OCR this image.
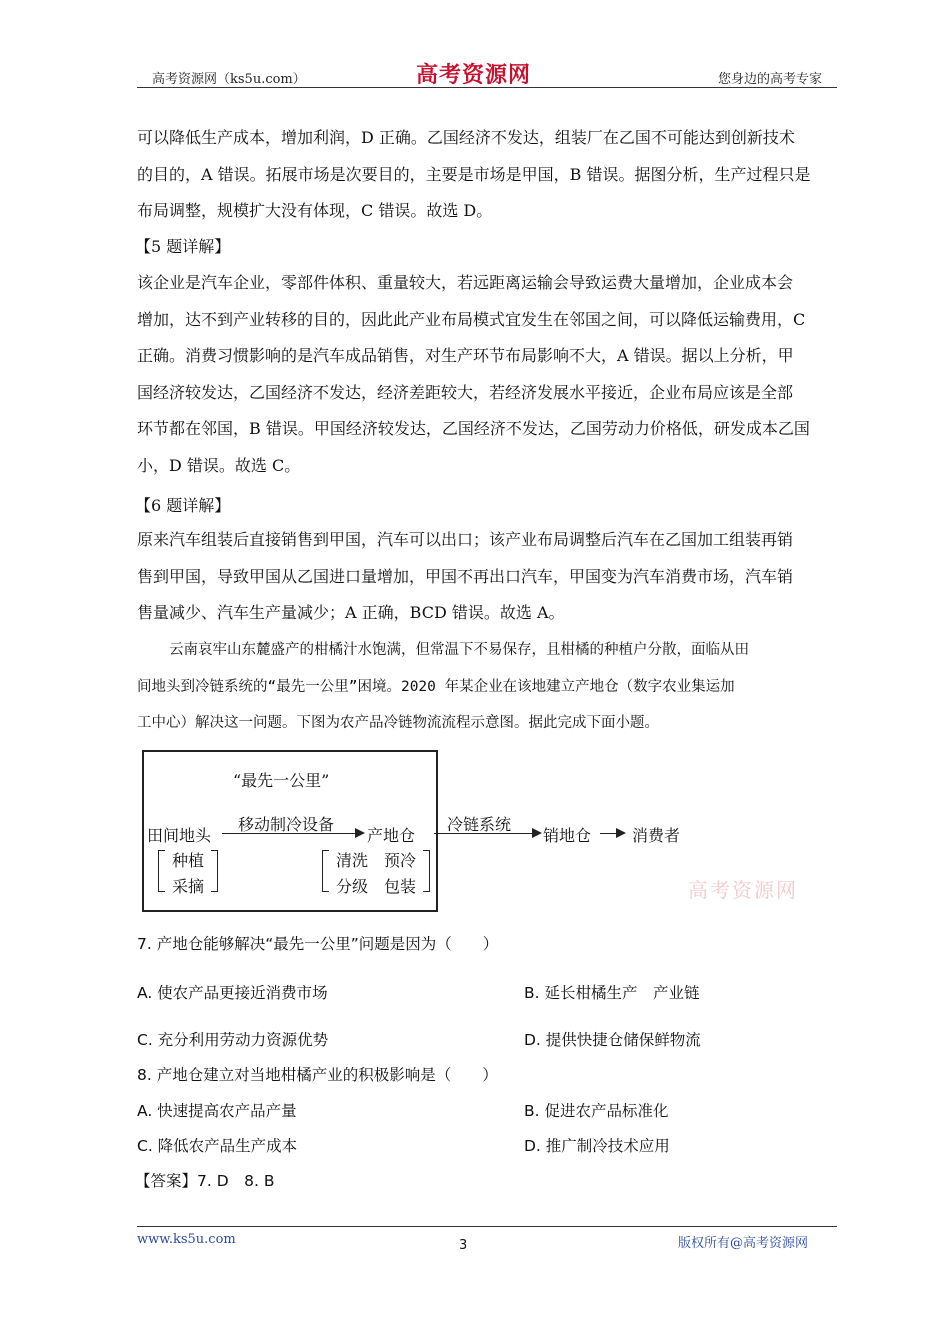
高考资源网（ks5u.com）	高考资源网	您身边的高考专家

可以降低生产成本，增加利润，D 正确。乙国经济不发达，组装厂在乙国不可能达到创新技术

的目的，A 错误。拓展市场是次要目的，主要是市场是甲国，B 错误。据图分析，生产过程只是

布局调整，规模扩大没有体现，C 错误。故选 D。

【5 题详解】

该企业是汽车企业，零部件体积、重量较大，若远距离运输会导致运费大量增加，企业成本会

增加，达不到产业转移的目的，因此此产业布局模式宜发生在邻国之间，可以降低运输费用，C

正确。消费习惯影响的是汽车成品销售，对生产环节布局影响不大，A 错误。据以上分析，甲

国经济较发达，乙国经济不发达，经济差距较大，若经济发展水平接近，企业布局应该是全部

环节都在邻国，B 错误。甲国经济较发达，乙国经济不发达，乙国劳动力价格低，研发成本乙国

小，D 错误。故选 C。

【6 题详解】

原来汽车组装后直接销售到甲国，汽车可以出口；该产业布局调整后汽车在乙国加工组装再销

售到甲国，导致甲国从乙国进口量增加，甲国不再出口汽车，甲国变为汽车消费市场，汽车销

售量减少、汽车生产量减少；A 正确，BCD 错误。故选 A。

云南哀牢山东麓盛产的柑橘汁水饱满，但常温下不易保存，且柑橘的种植户分散，面临从田

间地头到冷链系统的“最先一公里”困境。2020 年某企业在该地建立产地仓（数字农业集运加

工中心）解决这一问题。下图为农产品冷链物流流程示意图。据此完成下面小题。

“最先一公里”
田间地头
移动制冷设备
产地仓
冷链系统
销地仓	消费者
种植
采摘
清洗
分级
预冷
包装	高考资源网
7. 产地仓能够解决“最先一公里”问题是因为（　　）
A. 使农产品更接近消费市场	B. 延长柑橘生产　产业链
C. 充分利用劳动力资源优势	D. 提供快捷仓储保鲜物流
8. 产地仓建立对当地柑橘产业的积极影响是（　　）
A. 快速提高农产品产量	B. 促进农产品标准化
C. 降低农产品生产成本	D. 推广制冷技术应用
【答案】7. D　8. B
www.ks5u.com	3	版权所有@高考资源网
